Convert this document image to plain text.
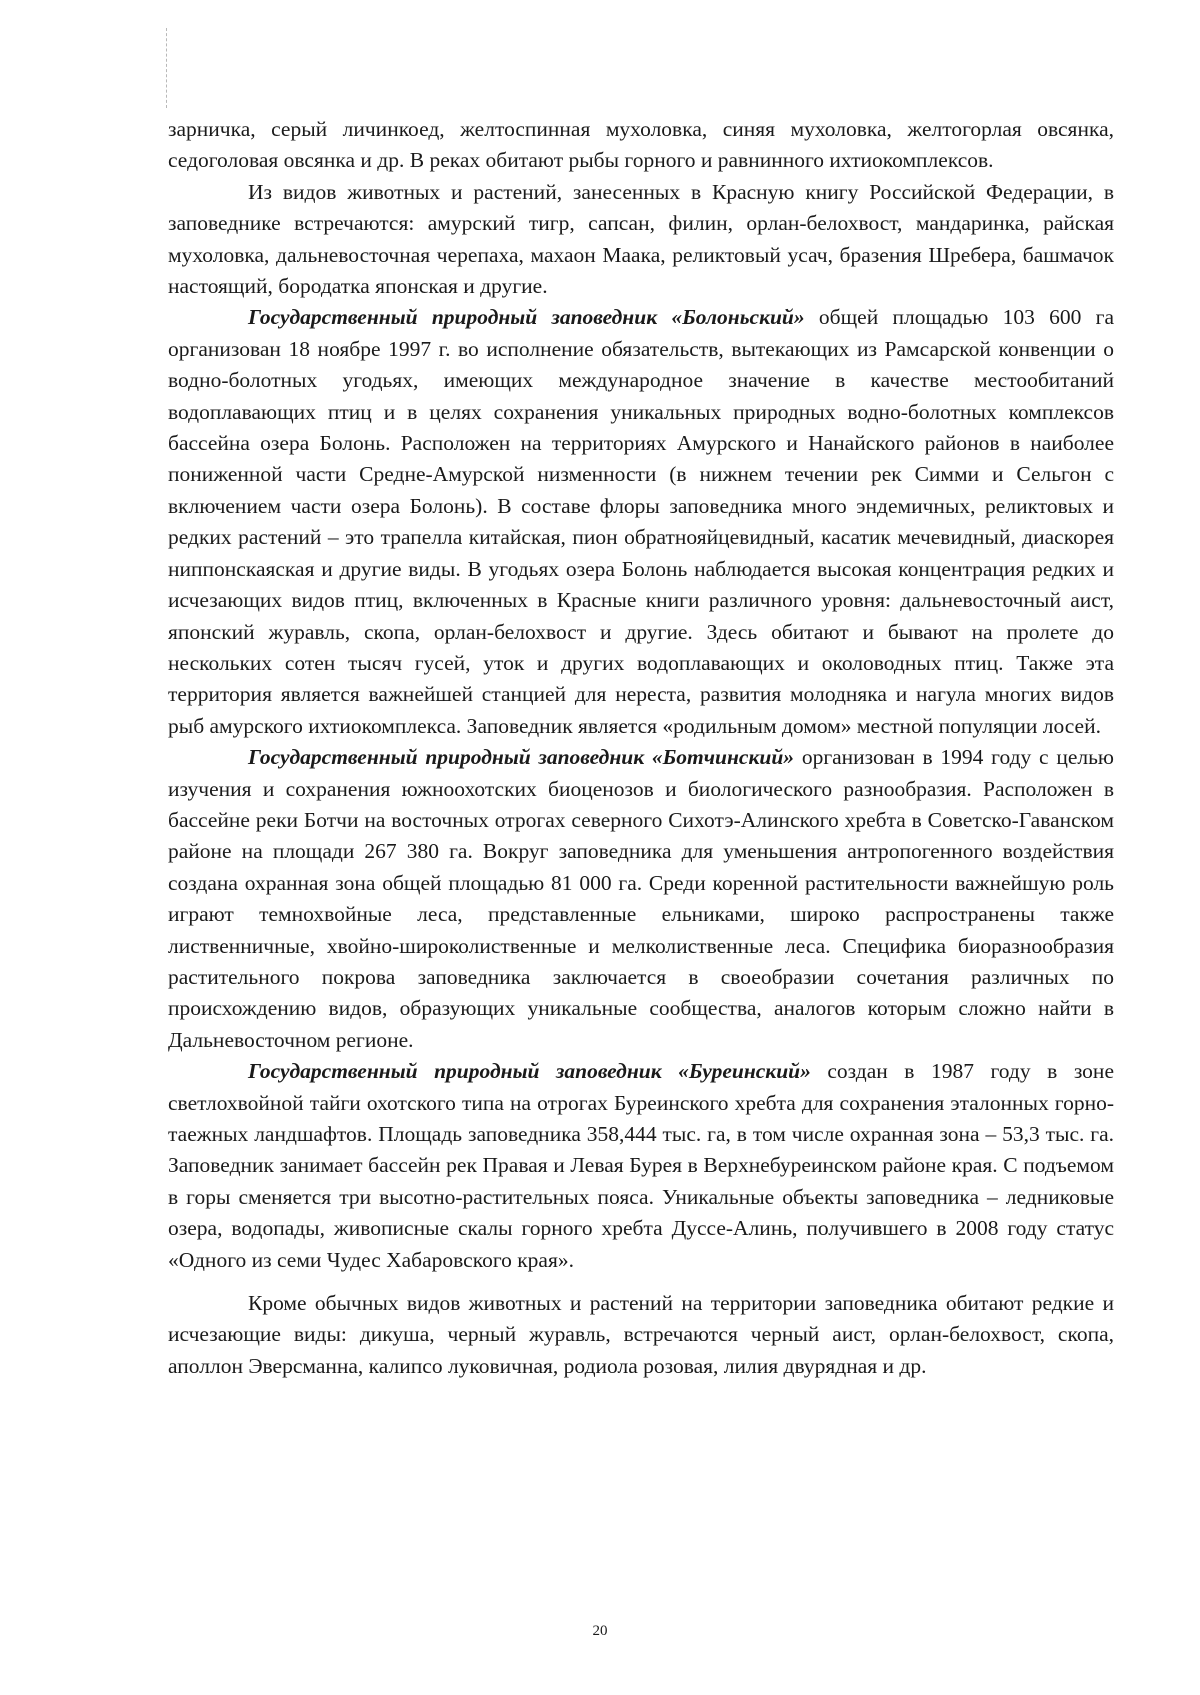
зарничка, серый личинкоед, желтоспинная мухоловка, синяя мухоловка, желтогорлая овсянка, седоголовая овсянка и др. В реках обитают рыбы горного и равнинного ихтиокомплексов.

Из видов животных и растений, занесенных в Красную книгу Российской Федерации, в заповеднике встречаются: амурский тигр, сапсан, филин, орлан-белохвост, мандаринка, райская мухоловка, дальневосточная черепаха, махаон Маака, реликтовый усач, бразения Шребера, башмачок настоящий, бородатка японская и другие.

Государственный природный заповедник «Болоньский» общей площадью 103 600 га организован 18 ноябре 1997 г. во исполнение обязательств, вытекающих из Рамсарской конвенции о водно-болотных угодьях, имеющих международное значение в качестве местообитаний водоплавающих птиц и в целях сохранения уникальных природных водно-болотных комплексов бассейна озера Болонь. Расположен на территориях Амурского и Нанайского районов в наиболее пониженной части Средне-Амурской низменности (в нижнем течении рек Симми и Сельгон с включением части озера Болонь). В составе флоры заповедника много эндемичных, реликтовых и редких растений – это трапелла китайская, пион обратнояйцевидный, касатик мечевидный, диаскорея ниппонскаяская и другие виды. В угодьях озера Болонь наблюдается высокая концентрация редких и исчезающих видов птиц, включенных в Красные книги различного уровня: дальневосточный аист, японский журавль, скопа, орлан-белохвост и другие. Здесь обитают и бывают на пролете до нескольких сотен тысяч гусей, уток и других водоплавающих и околоводных птиц. Также эта территория является важнейшей станцией для нереста, развития молодняка и нагула многих видов рыб амурского ихтиокомплекса. Заповедник является «родильным домом» местной популяции лосей.

Государственный природный заповедник «Ботчинский» организован в 1994 году с целью изучения и сохранения южноохотских биоценозов и биологического разнообразия. Расположен в бассейне реки Ботчи на восточных отрогах северного Сихотэ-Алинского хребта в Советско-Гаванском районе на площади 267 380 га. Вокруг заповедника для уменьшения антропогенного воздействия создана охранная зона общей площадью 81 000 га. Среди коренной растительности важнейшую роль играют темнохвойные леса, представленные ельниками, широко распространены также лиственничные, хвойно-широколиственные и мелколиственные леса. Специфика биоразнообразия растительного покрова заповедника заключается в своеобразии сочетания различных по происхождению видов, образующих уникальные сообщества, аналогов которым сложно найти в Дальневосточном регионе.

Государственный природный заповедник «Буреинский» создан в 1987 году в зоне светлохвойной тайги охотского типа на отрогах Буреинского хребта для сохранения эталонных горно-таежных ландшафтов. Площадь заповедника 358,444 тыс. га, в том числе охранная зона – 53,3 тыс. га. Заповедник занимает бассейн рек Правая и Левая Бурея в Верхнебуреинском районе края. С подъемом в горы сменяется три высотно-растительных пояса. Уникальные объекты заповедника – ледниковые озера, водопады, живописные скалы горного хребта Дуссе-Алинь, получившего в 2008 году статус «Одного из семи Чудес Хабаровского края».

Кроме обычных видов животных и растений на территории заповедника обитают редкие и исчезающие виды: дикуша, черный журавль, встречаются черный аист, орлан-белохвост, скопа, аполлон Эверсманна, калипсо луковичная, родиола розовая, лилия двурядная и др.

20
